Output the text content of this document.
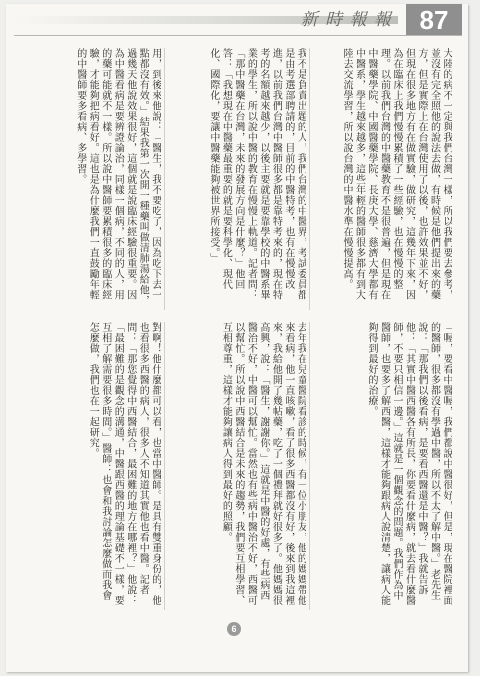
新 時 報 報	87
大陸的病不一定與我們台灣一樣，所以我們要去參考，並沒有完全照他的說法去做，有時候是他們提出來的藥方，但是實際上在台灣使用了以後，也許效果並不好，但現在很多地方有在做實驗，做研究，這幾年下來，因為在臨床上我們慢慢累積了一些經驗，也在慢慢的整理。以前我們台灣的中醫藥教育不是很普遍，但是現在中醫藥學院、中國醫藥學院、長庚大學、慈濟大學都有中醫系，學生越來越多，這些年輕的醫師很多都有到大陸去交流學習，所以說台灣的中醫水準在慢慢提高。
我不是負責出題的人，我們台灣的中醫界，考試委員都是由考選部聘請的，目前的中醫特考，也有在慢慢改進，以前我們台灣中醫師很多都是靠特考來的，現在特考的名額越來越少，以後主要就是要靠學校的中醫系畢業的學生，所以說中醫的教育在慢慢上軌道。記者問：「那中醫藥在台灣，未來的發展方向是什麼？」他回答：「我想現在中醫藥最重要的就是要科學化、現代化、國際化，要讓中醫藥能夠被世界所接受。」
用，到後來他說：「醫生，我不要吃了，因為吃下去一點都沒有效。」結果我第一次開一種藥叫做清肺湯給他，過幾天他說效果很好，這個就是說臨床經驗很重要。因為中醫看病是要辨證論治，同樣一個病，不同的人，用的藥可能就不一樣。所以說中醫師要累積很多的臨床經驗，才能夠把病看好。這也是為什麼我們一直鼓勵年輕的中醫師要多看病、多學習。
「喔，要看中醫喔，我們都說中醫很好，但是，現在醫院裡面的醫師，很多都沒有學過中醫，所以不太了解中醫。」老先生說：「那我們以後看病，是要看西醫還是中醫？」我就告訴他：「其實中醫西醫各有所長，你要看什麼病，就去看什麼醫師，不要只相信一邊。」這就是一個觀念的問題。我們作為中醫師，也要多了解西醫，這樣才能夠跟病人說清楚，讓病人能夠得到最好的治療。
去年我在兒童醫院看診的時候，有一位小朋友，他的媽媽帶他來看病，他一直咳嗽，看了很多西醫都沒有好，後來到我這裡來，我給他開了幾帖藥，吃了一個禮拜就好很多了。他媽媽很高興，說：「醫生，謝謝你。」這就是中醫的好處，有些病西醫治不好，中醫可以幫忙。當然也有些病中醫治不好，西醫可以幫忙。所以說中西醫結合是未來的趨勢，我們要互相學習、互相尊重，這樣才能夠讓病人得到最好的照顧。
對啊！他什麼都可以看，也當中醫師。是具有雙重身份的，他也看很多西醫的病人，很多人不知道其實他也看中醫。記者問：「那您覺得中西醫結合，最困難的地方在哪裡？」他說：「最困難的是觀念的溝通，中醫跟西醫的理論基礎不一樣，要互相了解需要很多時間。」醫師：也會和我討論怎麼做而我會怎麼做，我們也在一起研究。
6
